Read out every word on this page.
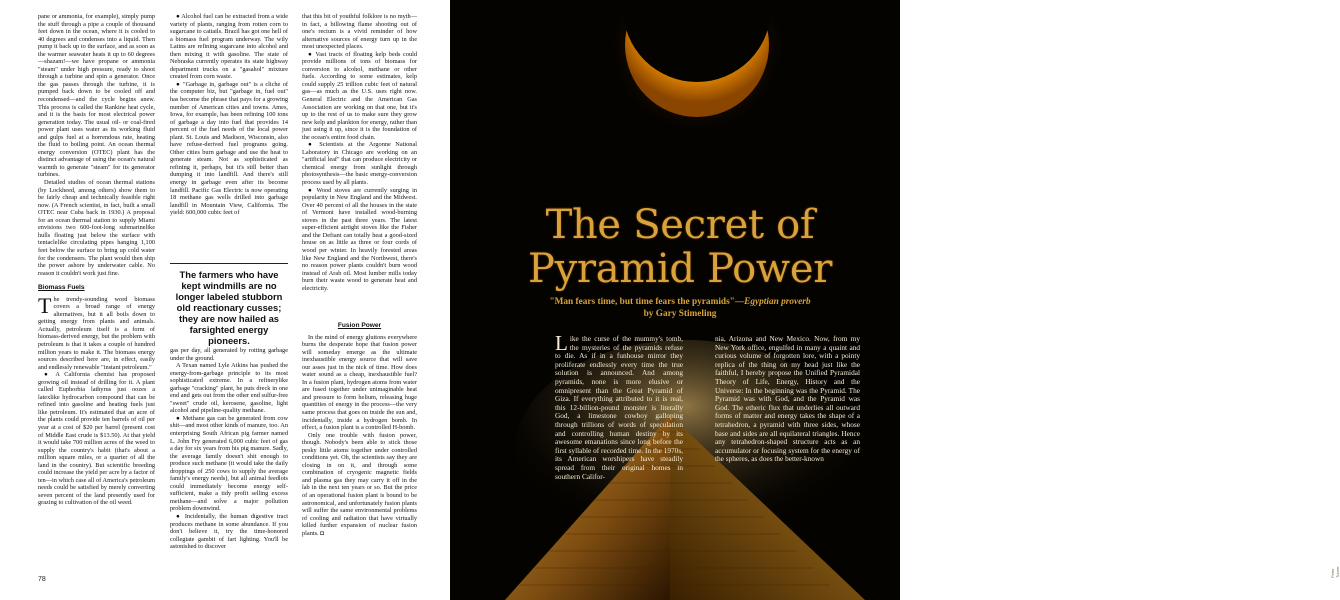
pane or ammonia, for example), simply pump the stuff through a pipe a couple of thousand feet down in the ocean, where it is cooled to 40 degrees and condenses into a liquid. Then pump it back up to the surface, and as soon as the warmer seawater heats it up to 60 degrees—shazam!—we have propane or ammonia "steam" under high pressure, ready to shoot through a turbine and spin a generator. Once the gas passes through the turbine, it is pumped back down to be cooled off and recondensed—and the cycle begins anew. This process is called the Rankine heat cycle, and it is the basis for most electrical power generation today. The usual oil- or coal-fired power plant uses water as its working fluid and gulps fuel at a horrendous rate, heating the fluid to boiling point. An ocean thermal energy conversion (OTEC) plant has the distinct advantage of using the ocean's natural warmth to generate "steam" for its generator turbines.

Detailed studies of ocean thermal stations (by Lockheed, among others) show them to be fairly cheap and technically feasible right now. (A French scientist, in fact, built a small OTEC near Cuba back in 1930.) A proposal for an ocean thermal station to supply Miami envisions two 600-foot-long submarinelike hulls floating just below the surface with tentaclelike circulating pipes hanging 1,100 feet below the surface to bring up cold water for the condensers. The plant would then ship the power ashore by underwater cable. No reason it couldn't work just fine.

Biomass Fuels

The trendy-sounding word biomass covers a broad range of energy alternatives, but it all boils down to getting energy from plants and animals. Actually, petroleum itself is a form of biomass-derived energy, but the problem with petroleum is that it takes a couple of hundred million years to make it. The biomass energy sources described here are, in effect, easily and endlessly renewable "instant petroleum."

● A California chemist has proposed growing oil instead of drilling for it. A plant called Euphorbia lathyrus just oozes a latexlike hydrocarbon compound that can be refined into gasoline and heating fuels just like petroleum. It's estimated that an acre of the plants could provide ten barrels of oil per year at a cost of $20 per barrel (present cost of Middle East crude is $13.50). At that yield it would take 700 million acres of the weed to supply the country's habit (that's about a million square miles, or a quarter of all the land in the country). But scientific breeding could increase the yield per acre by a factor of ten—in which case all of America's petroleum needs could be satisfied by merely converting seven percent of the land presently used for grazing to cultivation of the oil weed.

● Alcohol fuel can be extracted from a wide variety of plants, ranging from rotten corn to sugarcane to cattails. Brazil has got one hell of a biomass fuel program underway. The wily Latins are refining sugarcane into alcohol and then mixing it with gasoline. The state of Nebraska currently operates its state highway department trucks on a "gasahol" mixture created from corn waste.

● "Garbage in, garbage out" is a cliche of the computer biz, but "garbage in, fuel out" has become the phrase that pays for a growing number of American cities and towns. Ames, Iowa, for example, has been refining 100 tons of garbage a day into fuel that provides 14 percent of the fuel needs of the local power plant. St. Louis and Madison, Wisconsin, also have refuse-derived fuel programs going. Other cities burn garbage and use the heat to generate steam. Not as sophisticated as refining it, perhaps, but it's still better than dumping it into landfill. And there's still energy in garbage even after its become landfill. Pacific Gas Electric is now operating 18 methane gas wells drilled into garbage landfill in Mountain View, California. The yield: 600,000 cubic feet of

The farmers who have kept windmills are no longer labeled stubborn old reactionary cusses; they are now hailed as farsighted energy pioneers.

gas per day, all generated by rotting garbage under the ground.

A Texan named Lyle Atkins has pushed the energy-from-garbage principle to its most sophisticated extreme. In a refinerylike garbage "cracking" plant, he puts dreck in one end and gets out from the other end sulfur-free "sweet" crude oil, kerosene, gasoline, light alcohol and pipeline-quality methane.

● Methane gas can be generated from cow shit—and most other kinds of manure, too. An enterprising South African pig farmer named L. John Fry generated 6,000 cubic feet of gas a day for six years from his pig manure. Sadly, the average family doesn't shit enough to produce such methane (it would take the daily droppings of 250 cows to supply the average family's energy needs), but all animal feedlots could immediately become energy self-sufficient, make a tidy profit selling excess methane—and solve a major pollution problem downwind.

● Incidentally, the human digestive tract produces methane in some abundance. If you don't believe it, try the time-honored collegiate gambit of fart lighting. You'll be astonished to discover

that this bit of youthful folklore is no myth—in fact, a billowing flame shooting out of one's rectum is a vivid reminder of how alternative sources of energy turn up in the most unexpected places.

● Vast tracts of floating kelp beds could provide millions of tons of biomass for conversion to alcohol, methane or other fuels. According to some estimates, kelp could supply 25 trillion cubic feet of natural gas—as much as the U.S. uses right now. General Electric and the American Gas Association are working on that one, but it's up to the rest of us to make sure they grow new kelp and plankton for energy, rather than just using it up, since it is the foundation of the ocean's entire food chain.

● Scientists at the Argonne National Laboratory in Chicago are working on an "artificial leaf" that can produce electricity or chemical energy from sunlight through photosynthesis—the basic energy-conversion process used by all plants.

● Wood stoves are currently surging in popularity in New England and the Midwest. Over 40 percent of all the houses in the state of Vermont have installed wood-burning stoves in the past three years. The latest super-efficient airtight stoves like the Fisher and the Defiant can totally heat a good-sized house on as little as three or four cords of wood per winter. In heavily forested areas like New England and the Northwest, there's no reason power plants couldn't burn wood instead of Arab oil. Most lumber mills today burn their waste wood to generate heat and electricity.

Fusion Power

In the mind of energy gluttons everywhere burns the desperate hope that fusion power will someday emerge as the ultimate inexhaustible energy source that will save our asses just in the nick of time. How does water sound as a cheap, inexhaustible fuel? In a fusion plant, hydrogen atoms from water are fused together under unimaginable heat and pressure to form helium, releasing huge quantities of energy in the process—the very same process that goes on inside the sun and, incidentally, inside a hydrogen bomb. In effect, a fusion plant is a controlled H-bomb.

Only one trouble with fusion power, though. Nobody's been able to stick those pesky little atoms together under controlled conditions yet. Oh, the scientists say they are closing in on it, and through some combination of cryogenic magnetic fields and plasma gas they may carry it off in the lab in the next ten years or so. But the price of an operational fusion plant is bound to be astronomical, and unfortunately fusion plants will suffer the same environmental problems of cooling and radiation that have virtually killed further expansion of nuclear fusion plants. ◘

78
Peter Turner
The Secret of
Pyramid Power
"Man fears time, but time fears the pyramids"—Egyptian proverb
by Gary Stimeling
Like the curse of the mummy's tomb, the mysteries of the pyramids refuse to die. As if in a funhouse mirror they proliferate endlessly every time the true solution is announced. And among pyramids, none is more elusive or omnipresent than the Great Pyramid of Giza. If everything attributed to it is real, this 12-billion-pound monster is literally God, a limestone cowboy galloping through trillions of words of speculation and controlling human destiny by its awesome emanations since long before the first syllable of recorded time. In the 1970s, its American worshipers have steadily spread from their original homes in southern Califor-
nia, Arizona and New Mexico. Now, from my New York office, engulfed in many a quaint and curious volume of forgotten lore, with a pointy replica of the thing on my head just like the faithful, I hereby propose the Unified Pyramidal Theory of Life, Energy, History and the Universe: In the beginning was the Pyramid. The Pyramid was with God, and the Pyramid was God. The etheric flux that underlies all outward forms of matter and energy takes the shape of a tetrahedron, a pyramid with three sides, whose base and sides are all equilateral triangles. Hence any tetrahedron-shaped structure acts as an accumulator or focusing system for the energy of the spheres, as does the better-known
